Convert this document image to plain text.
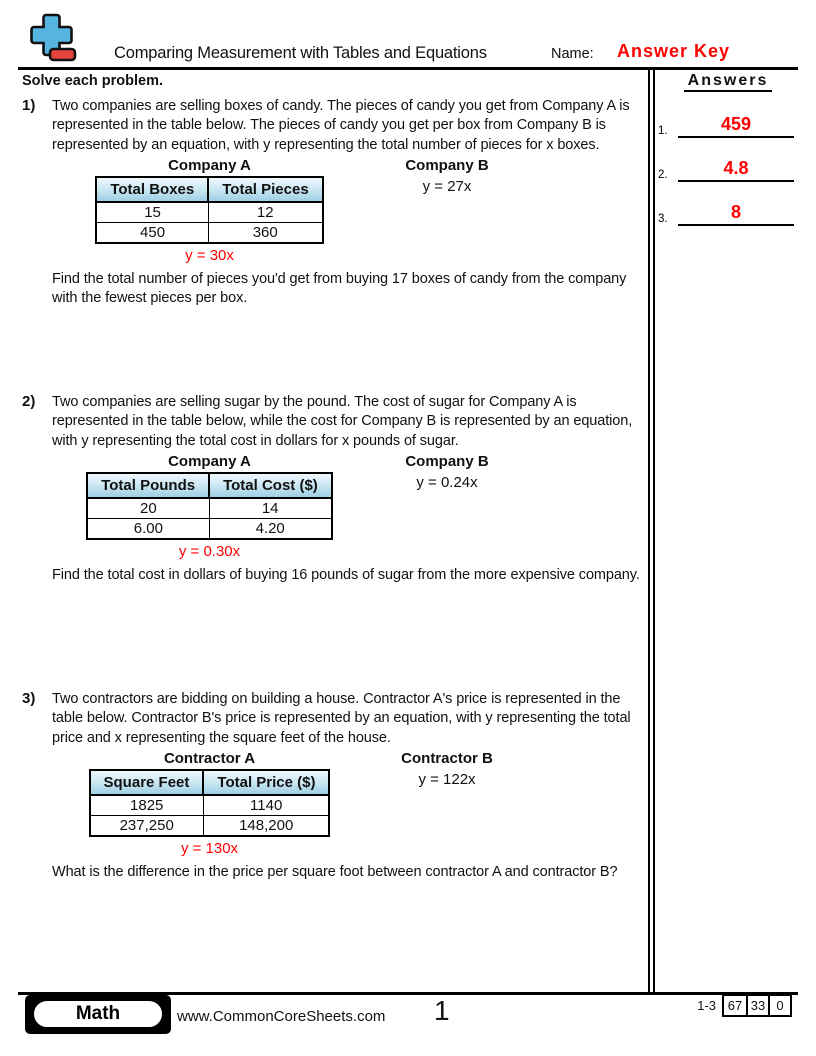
Comparing Measurement with Tables and Equations	Name: Answer Key
Solve each problem.	Answers
1.	459
2.	4.8
3.	8
1)	Two companies are selling boxes of candy. The pieces of candy you get from Company A is represented in the table below. The pieces of candy you get per box from Company B is represented by an equation, with y representing the total number of pieces for x boxes.
Company A
Total Boxes	Total Pieces
15	12
450	360
y = 30x
Company B
y = 27x
Find the total number of pieces you'd get from buying 17 boxes of candy from the company with the fewest pieces per box.
2)	Two companies are selling sugar by the pound. The cost of sugar for Company A is represented in the table below, while the cost for Company B is represented by an equation, with y representing the total cost in dollars for x pounds of sugar.
Company A
Total Pounds	Total Cost ($)
20	14
6.00	4.20
y = 0.30x
Company B
y = 0.24x
Find the total cost in dollars of buying 16 pounds of sugar from the more expensive company.
3)	Two contractors are bidding on building a house. Contractor A's price is represented in the table below. Contractor B's price is represented by an equation, with y representing the total price and x representing the square feet of the house.
Contractor A
Square Feet	Total Price ($)
1825	1140
237,250	148,200
y = 130x
Contractor B
y = 122x
What is the difference in the price per square foot between contractor A and contractor B?
Math	www.CommonCoreSheets.com 1	1-3 67 33 0
